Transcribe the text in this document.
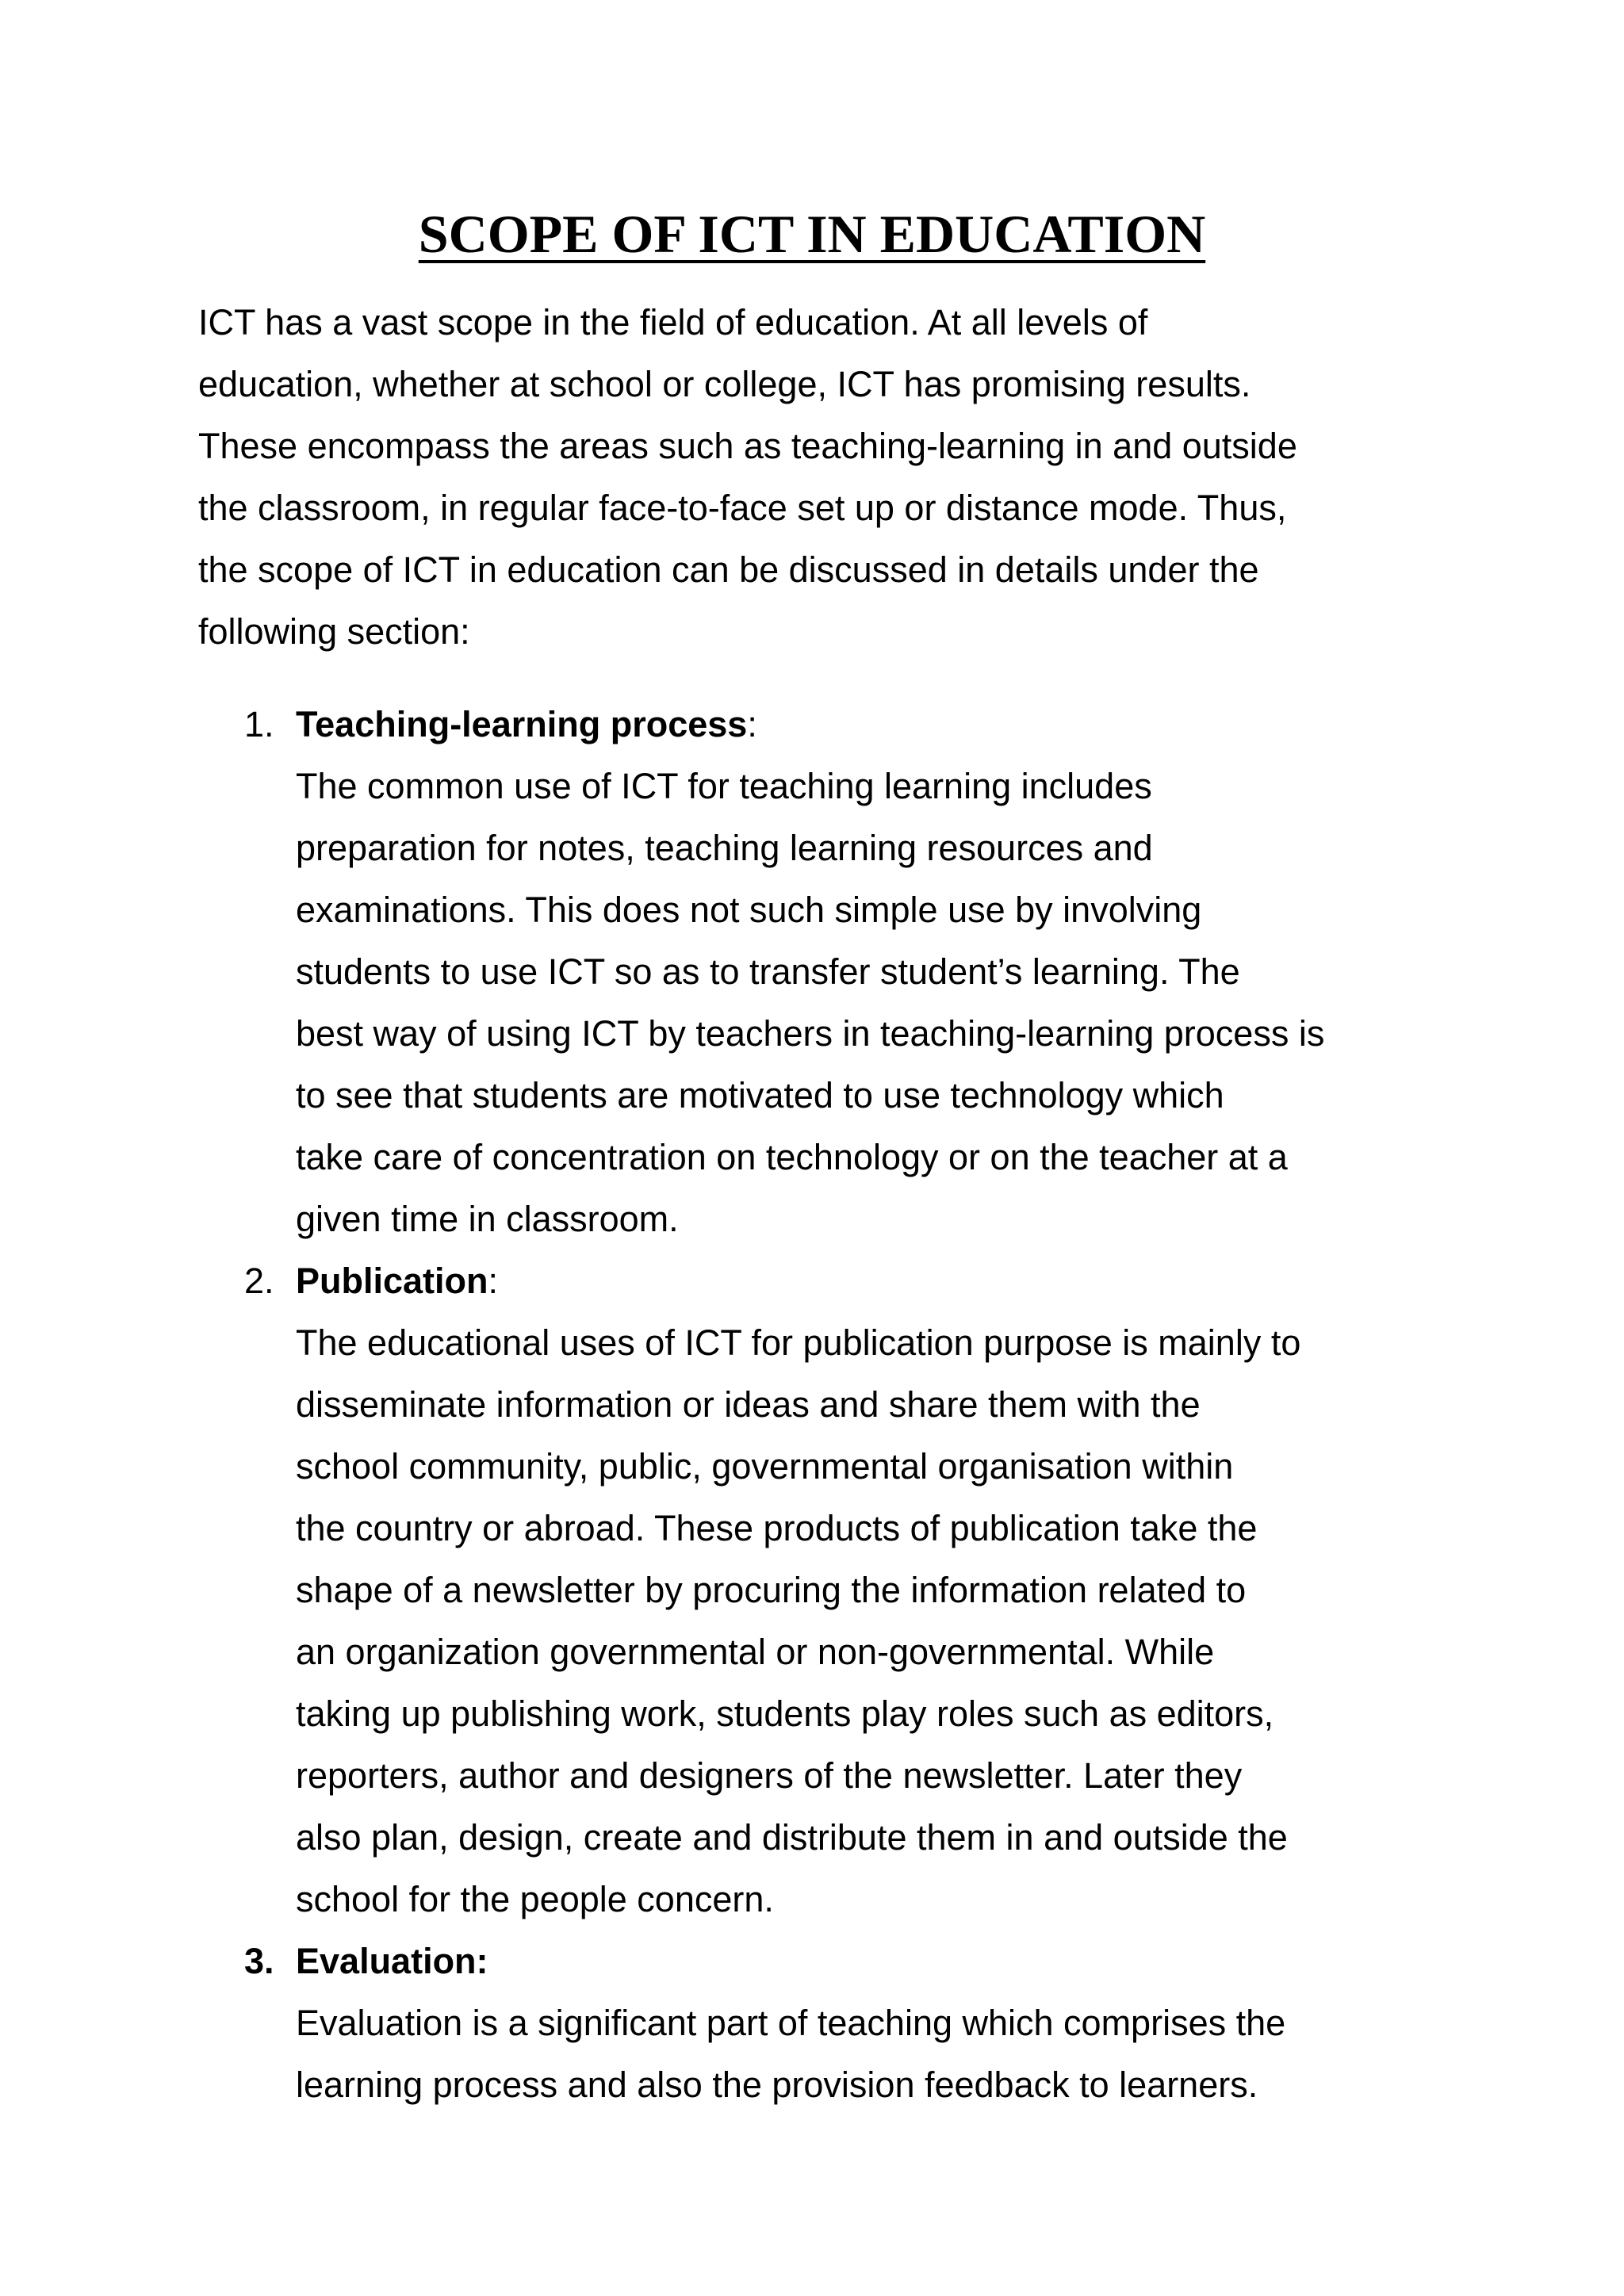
SCOPE OF ICT IN EDUCATION
ICT has a vast scope in the field of education. At all levels of
education, whether at school or college, ICT has promising results.
These encompass the areas such as teaching-learning in and outside
the classroom, in regular face-to-face set up or distance mode. Thus,
the scope of ICT in education can be discussed in details under the
following section:
1. Teaching-learning process:
The common use of ICT for teaching learning includes
preparation for notes, teaching learning resources and
examinations. This does not such simple use by involving
students to use ICT so as to transfer student’s learning. The
best way of using ICT by teachers in teaching-learning process is
to see that students are motivated to use technology which
take care of concentration on technology or on the teacher at a
given time in classroom.
2. Publication:
The educational uses of ICT for publication purpose is mainly to
disseminate information or ideas and share them with the
school community, public, governmental organisation within
the country or abroad. These products of publication take the
shape of a newsletter by procuring the information related to
an organization governmental or non-governmental. While
taking up publishing work, students play roles such as editors,
reporters, author and designers of the newsletter. Later they
also plan, design, create and distribute them in and outside the
school for the people concern.
3. Evaluation:
Evaluation is a significant part of teaching which comprises the
learning process and also the provision feedback to learners.
